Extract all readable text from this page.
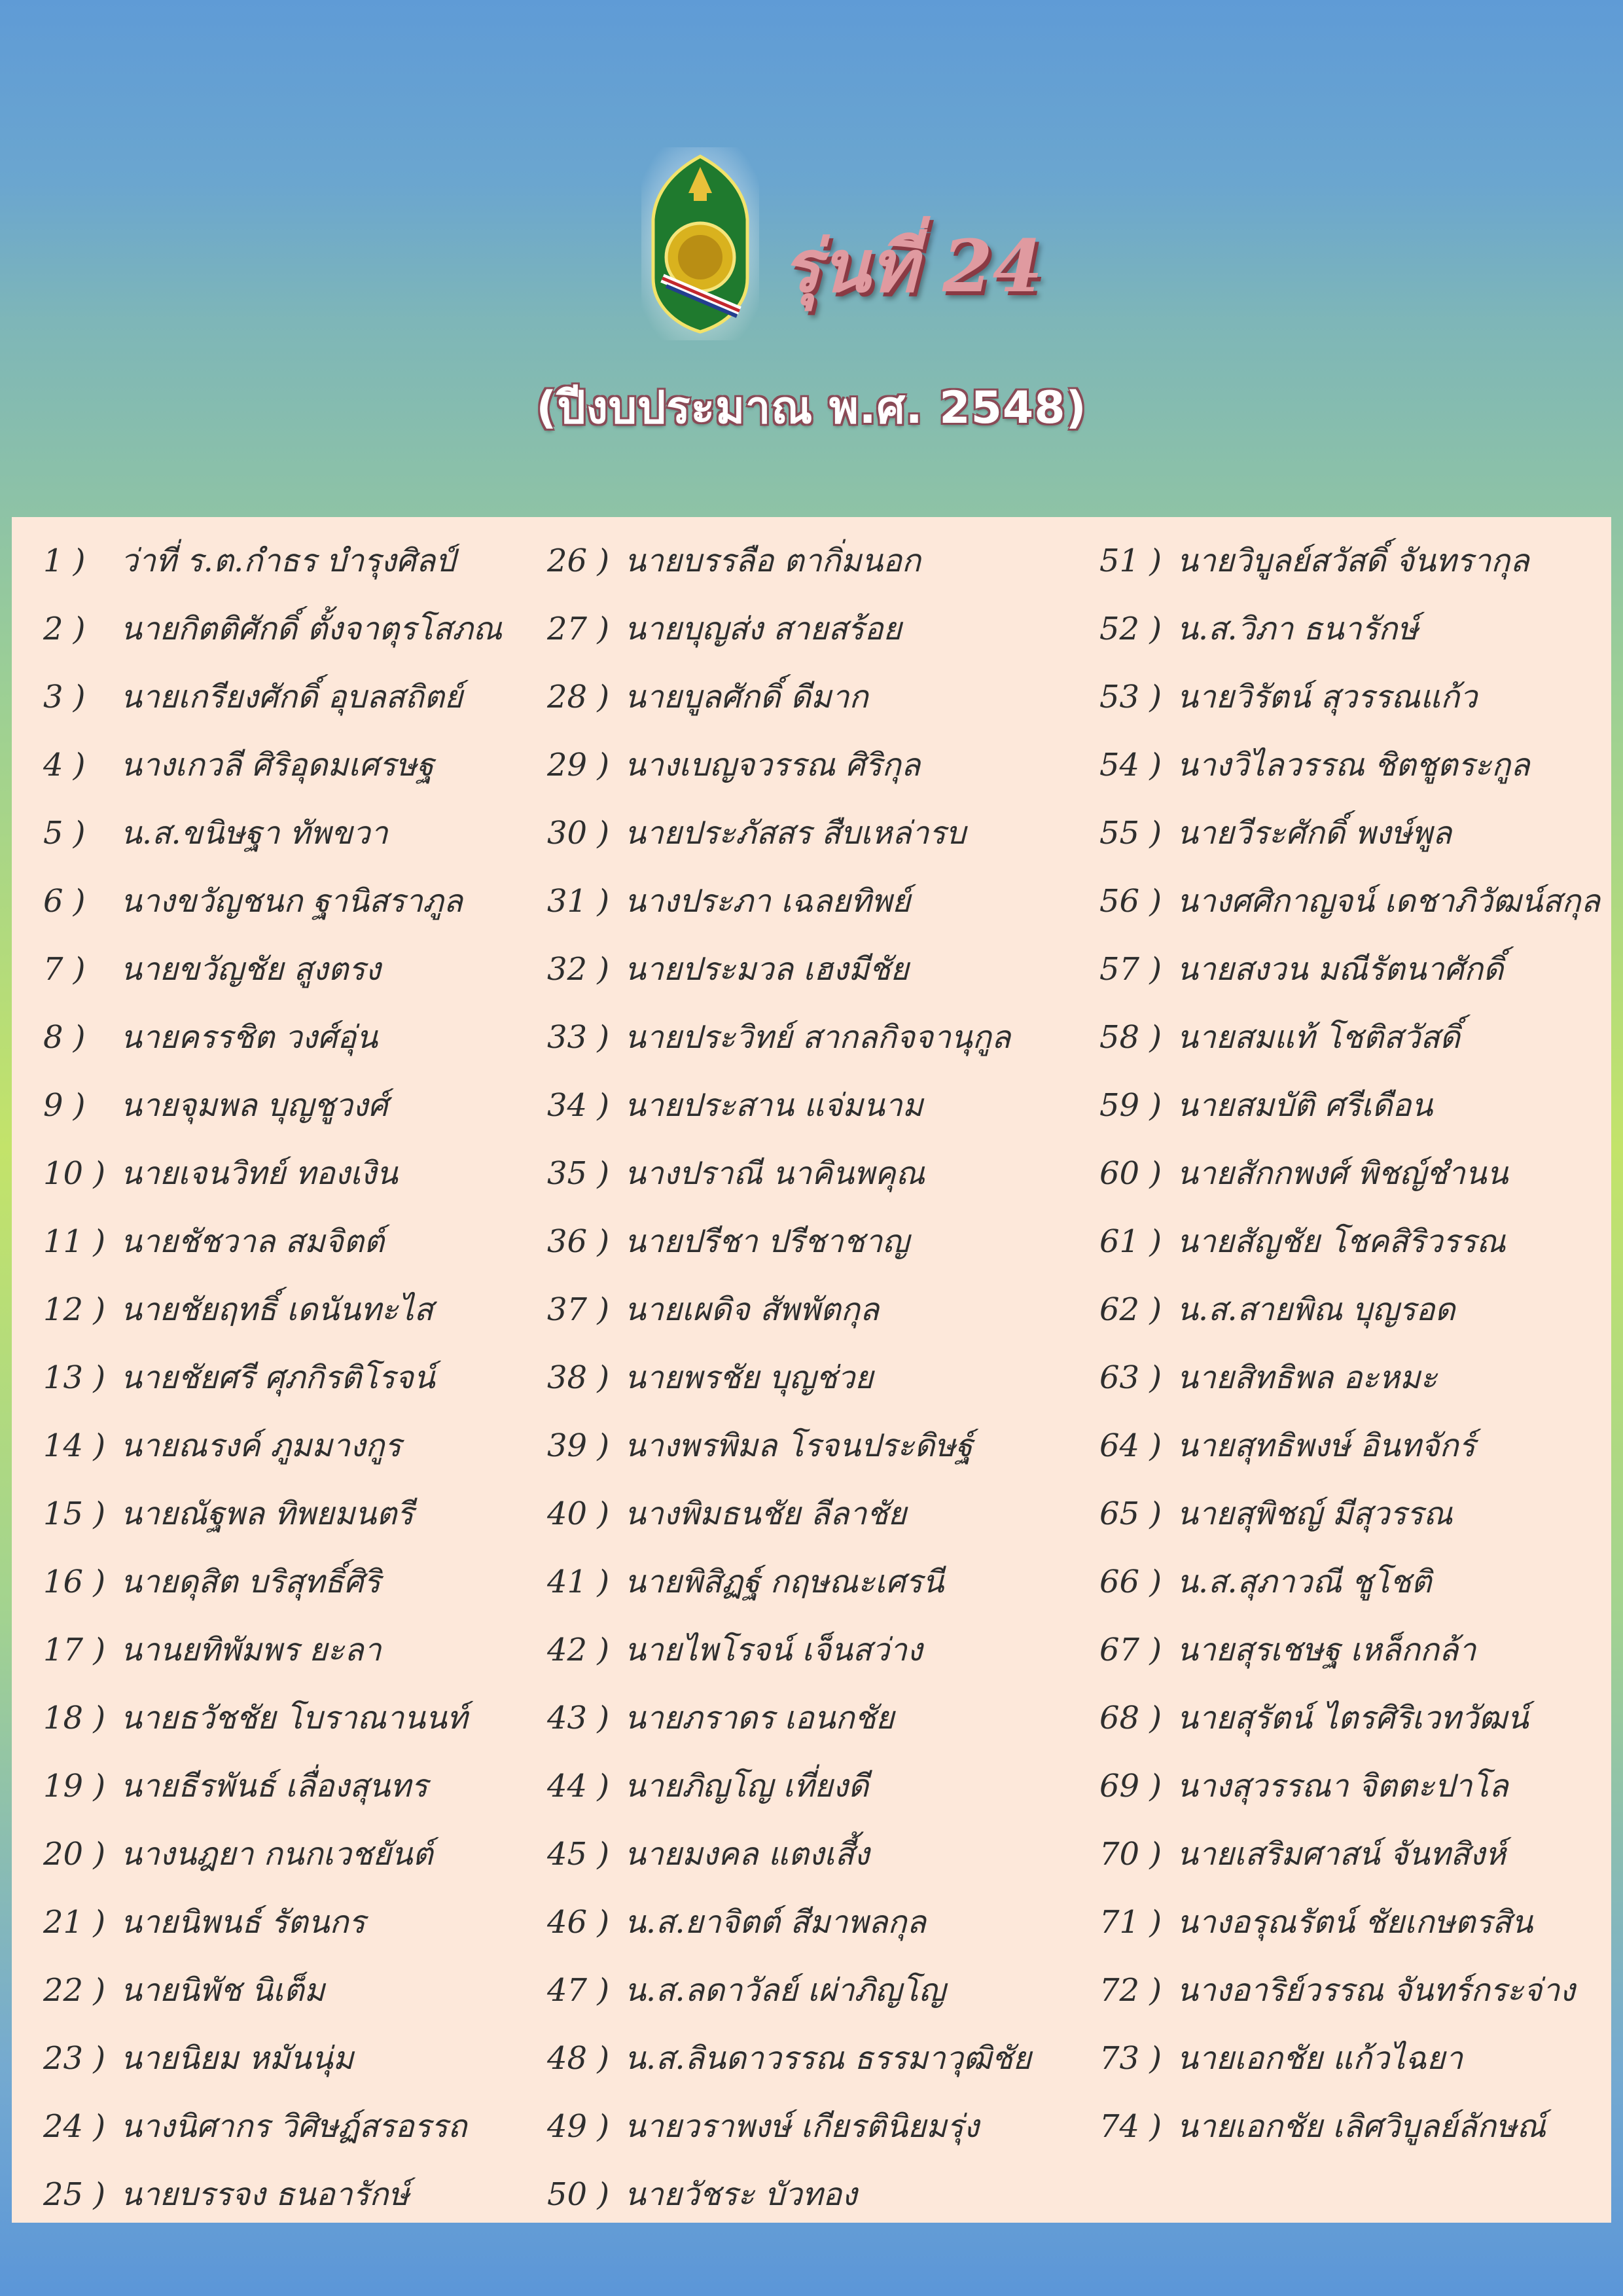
รุ่นที่ 24
(ปีงบประมาณ พ.ศ. 2548)
1 )	ว่าที่ ร.ต.กำธร บำรุงศิลป์
2 )	นายกิตติศักดิ์ ตั้งจาตุรโสภณ
3 )	นายเกรียงศักดิ์ อุบลสถิตย์
4 )	นางเกวลี ศิริอุดมเศรษฐ
5 )	น.ส.ขนิษฐา ทัพขวา
6 )	นางขวัญชนก ฐานิสราภูล
7 )	นายขวัญชัย สูงตรง
8 )	นายครรชิต วงศ์อุ่น
9 )	นายจุมพล บุญชูวงศ์
10 )	นายเจนวิทย์ ทองเงิน
11 )	นายชัชวาล สมจิตต์
12 )	นายชัยฤทธิ์ เดนันทะไส
13 )	นายชัยศรี ศุภกิรติโรจน์
14 )	นายณรงค์ ภูมมางกูร
15 )	นายณัฐพล ทิพยมนตรี
16 )	นายดุสิต บริสุทธิ์ศิริ
17 )	นานยทิพัมพร ยะลา
18 )	นายธวัชชัย โบราณานนท์
19 )	นายธีรพันธ์ เลื่องสุนทร
20 )	นางนฎยา กนกเวชยันต์
21 )	นายนิพนธ์ รัตนกร
22 )	นายนิพัช นิเต็ม
23 )	นายนิยม หมันนุ่ม
24 )	นางนิศากร วิศิษฏ์สรอรรถ
25 )	นายบรรจง ธนอารักษ์
26 )	นายบรรลือ ตากิ่มนอก
27 )	นายบุญส่ง สายสร้อย
28 )	นายบูลศักดิ์ ดีมาก
29 )	นางเบญจวรรณ ศิริกุล
30 )	นายประภัสสร สืบเหล่ารบ
31 )	นางประภา เฉลยทิพย์
32 )	นายประมวล เฮงมีชัย
33 )	นายประวิทย์ สากลกิจจานุกูล
34 )	นายประสาน แจ่มนาม
35 )	นางปราณี นาคินพคุณ
36 )	นายปรีชา ปรีชาชาญ
37 )	นายเผดิจ สัพพัตกุล
38 )	นายพรชัย บุญช่วย
39 )	นางพรพิมล โรจนประดิษฐ์
40 )	นางพิมธนชัย ลีลาชัย
41 )	นายพิสิฏฐ์ กฤษณะเศรนี
42 )	นายไพโรจน์ เจ็นสว่าง
43 )	นายภราดร เอนกชัย
44 )	นายภิญโญ เที่ยงดี
45 )	นายมงคล แตงเสี้ง
46 )	น.ส.ยาจิตต์ สีมาพลกุล
47 )	น.ส.ลดาวัลย์ เผ่าภิญโญ
48 )	น.ส.ลินดาวรรณ ธรรมาวุฒิชัย
49 )	นายวราพงษ์ เกียรตินิยมรุ่ง
50 )	นายวัชระ บัวทอง
51 )	นายวิบูลย์สวัสดิ์ จันทรากุล
52 )	น.ส.วิภา ธนารักษ์
53 )	นายวิรัตน์ สุวรรณแก้ว
54 )	นางวิไลวรรณ ชิตชูตระกูล
55 )	นายวีระศักดิ์ พงษ์พูล
56 )	นางศศิกาญจน์ เดชาภิวัฒน์สกุล
57 )	นายสงวน มณีรัตนาศักดิ์
58 )	นายสมแท้ โชติสวัสดิ์
59 )	นายสมบัติ ศรีเดือน
60 )	นายสักกพงศ์ พิชญ์ชำนน
61 )	นายสัญชัย โชคสิริวรรณ
62 )	น.ส.สายพิณ บุญรอด
63 )	นายสิทธิพล อะหมะ
64 )	นายสุทธิพงษ์ อินทจักร์
65 )	นายสุพิชญ์ มีสุวรรณ
66 )	น.ส.สุภาวณี ชูโชติ
67 )	นายสุรเชษฐ เหล็กกล้า
68 )	นายสุรัตน์ ไตรศิริเวทวัฒน์
69 )	นางสุวรรณา จิตตะปาโล
70 )	นายเสริมศาสน์ จันทสิงห์
71 )	นางอรุณรัตน์ ชัยเกษตรสิน
72 )	นางอาริย์วรรณ จันทร์กระจ่าง
73 )	นายเอกชัย แก้วไฉยา
74 )	นายเอกชัย เลิศวิบูลย์ลักษณ์
